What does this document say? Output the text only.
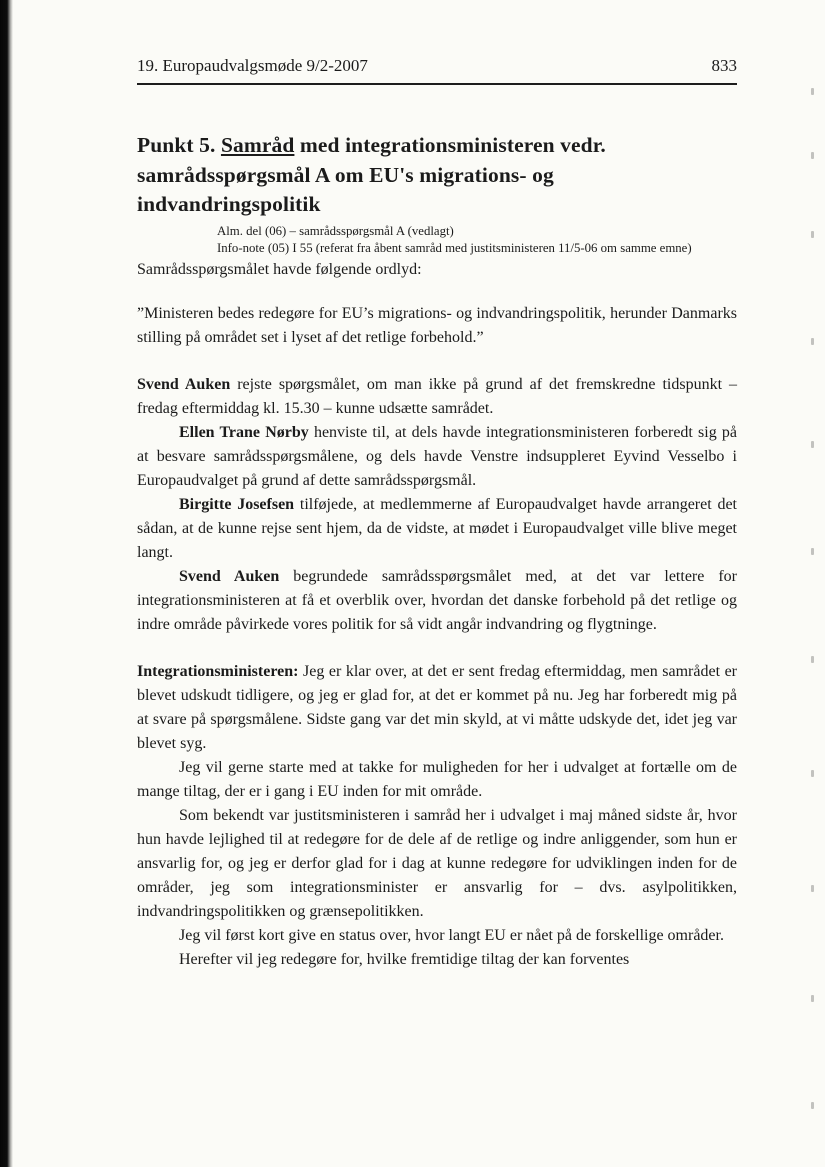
19. Europaudvalgsmøde 9/2-2007	833
Punkt 5. Samråd med integrationsministeren vedr. samrådsspørgsmål A om EU's migrations- og indvandringspolitik
Alm. del (06) – samrådsspørgsmål A (vedlagt)
Info-note (05) I 55 (referat fra åbent samråd med justitsministeren 11/5-06 om samme emne)

Samrådsspørgsmålet havde følgende ordlyd:

”Ministeren bedes redegøre for EU’s migrations- og indvandringspolitik, herunder Danmarks stilling på området set i lyset af det retlige forbehold.”

Svend Auken rejste spørgsmålet, om man ikke på grund af det fremskredne tidspunkt – fredag eftermiddag kl. 15.30 – kunne udsætte samrådet.

Ellen Trane Nørby henviste til, at dels havde integrationsministeren forberedt sig på at besvare samrådsspørgsmålene, og dels havde Venstre indsuppleret Eyvind Vesselbo i Europaudvalget på grund af dette samrådsspørgsmål.

Birgitte Josefsen tilføjede, at medlemmerne af Europaudvalget havde arrangeret det sådan, at de kunne rejse sent hjem, da de vidste, at mødet i Europaudvalget ville blive meget langt.

Svend Auken begrundede samrådsspørgsmålet med, at det var lettere for integrationsministeren at få et overblik over, hvordan det danske forbehold på det retlige og indre område påvirkede vores politik for så vidt angår indvandring og flygtninge.

Integrationsministeren: Jeg er klar over, at det er sent fredag eftermiddag, men samrådet er blevet udskudt tidligere, og jeg er glad for, at det er kommet på nu. Jeg har forberedt mig på at svare på spørgsmålene. Sidste gang var det min skyld, at vi måtte udskyde det, idet jeg var blevet syg.

Jeg vil gerne starte med at takke for muligheden for her i udvalget at fortælle om de mange tiltag, der er i gang i EU inden for mit område.

Som bekendt var justitsministeren i samråd her i udvalget i maj måned sidste år, hvor hun havde lejlighed til at redegøre for de dele af de retlige og indre anliggender, som hun er ansvarlig for, og jeg er derfor glad for i dag at kunne redegøre for udviklingen inden for de områder, jeg som integrationsminister er ansvarlig for – dvs. asylpolitikken, indvandringspolitikken og grænsepolitikken.

Jeg vil først kort give en status over, hvor langt EU er nået på de forskellige områder.

Herefter vil jeg redegøre for, hvilke fremtidige tiltag der kan forventes
